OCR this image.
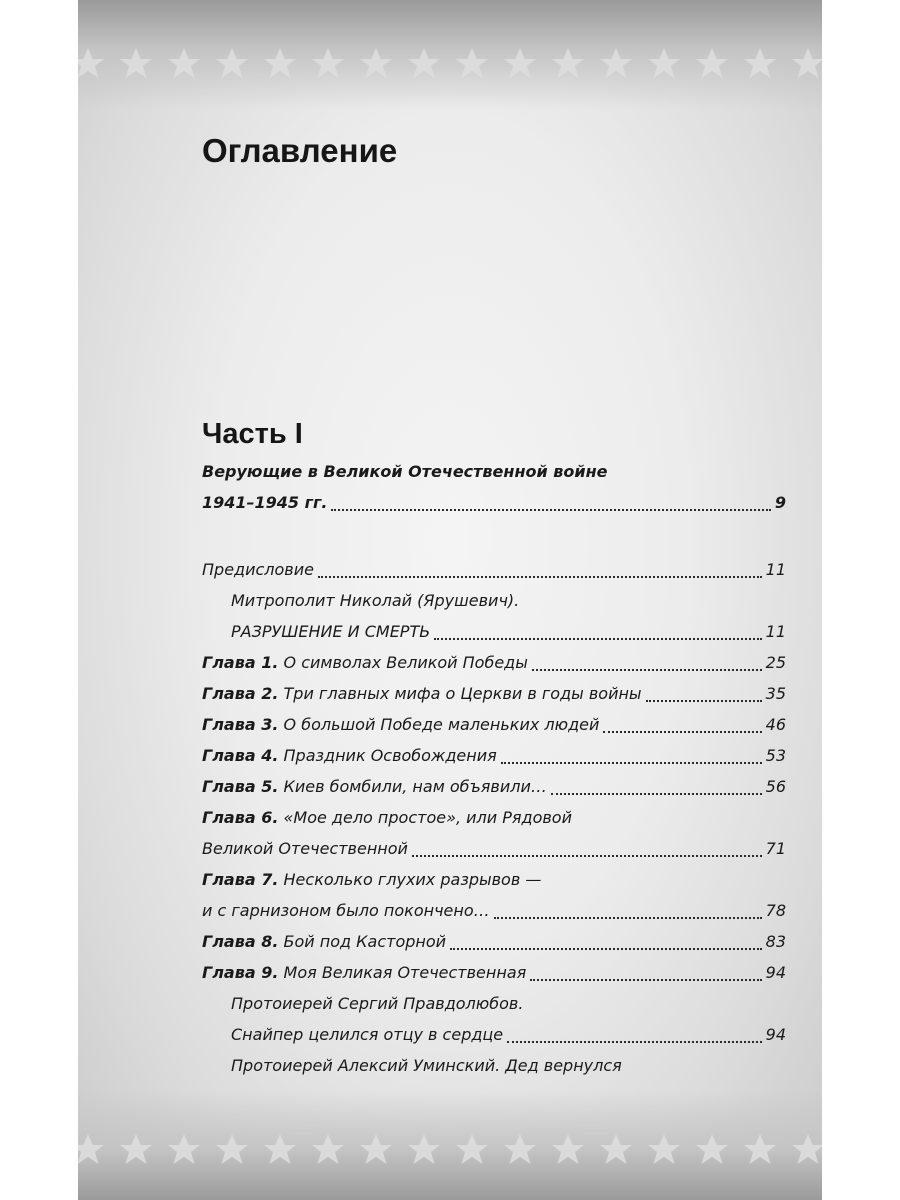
Оглавление
Часть I
Верующие в Великой Отечественной войне
1941–1945 гг.	9
Предисловие	11
Митрополит Николай (Ярушевич).
РАЗРУШЕНИЕ И СМЕРТЬ	11
Глава 1. О символах Великой Победы	25
Глава 2. Три главных мифа о Церкви в годы войны	35
Глава 3. О большой Победе маленьких людей	46
Глава 4. Праздник Освобождения	53
Глава 5. Киев бомбили, нам объявили…	56
Глава 6. «Мое дело простое», или Рядовой
Великой Отечественной	71
Глава 7. Несколько глухих разрывов —
и с гарнизоном было покончено…	78
Глава 8. Бой под Касторной	83
Глава 9. Моя Великая Отечественная	94
Протоиерей Сергий Правдолюбов.
Снайпер целился отцу в сердце	94
Протоиерей Алексий Уминский. Дед вернулся
